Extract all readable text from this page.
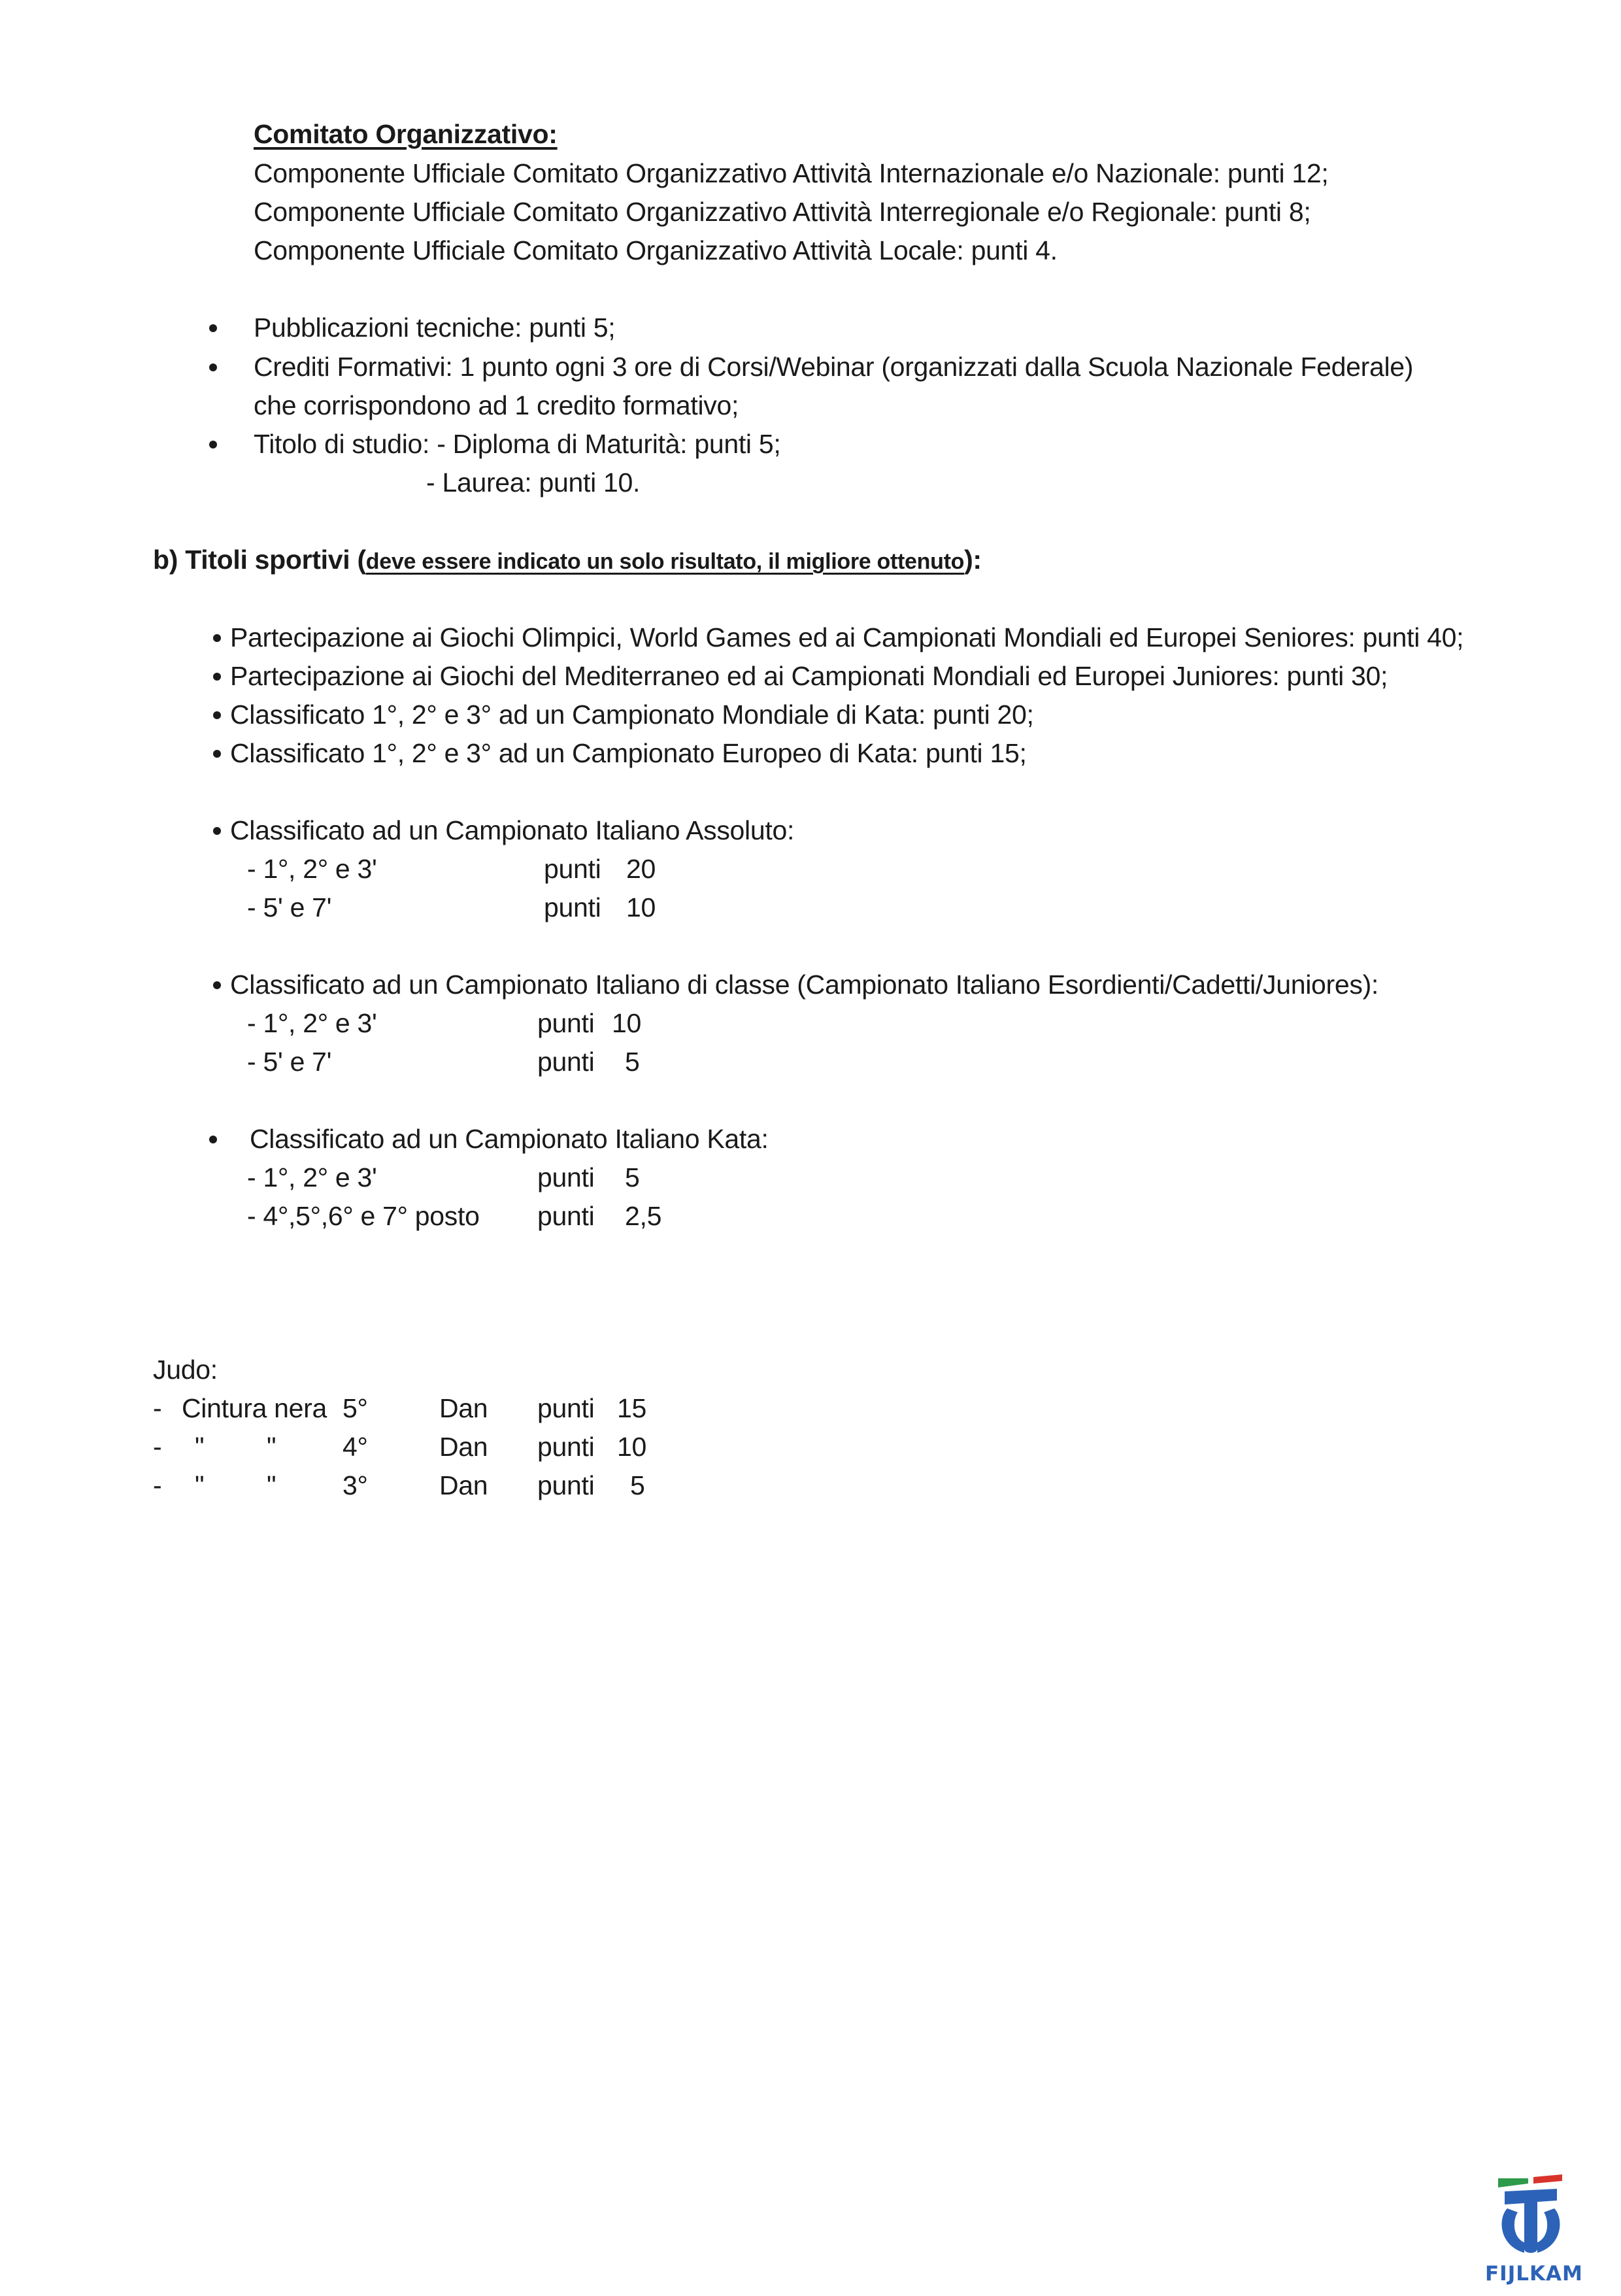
Comitato Organizzativo:
Componente Ufficiale Comitato Organizzativo Attività Internazionale e/o Nazionale: punti 12;
Componente Ufficiale Comitato Organizzativo Attività Interregionale e/o Regionale: punti 8;
Componente Ufficiale Comitato Organizzativo Attività Locale: punti 4.
Pubblicazioni tecniche: punti 5;
Crediti Formativi: 1 punto ogni 3 ore di Corsi/Webinar (organizzati dalla Scuola Nazionale Federale)
che corrispondono ad 1 credito formativo;
Titolo di studio: - Diploma di Maturità: punti 5;
- Laurea: punti 10.
b) Titoli sportivi (deve essere indicato un solo risultato, il migliore ottenuto):
Partecipazione ai Giochi Olimpici, World Games ed ai Campionati Mondiali ed Europei Seniores: punti 40;
Partecipazione ai Giochi del Mediterraneo ed ai Campionati Mondiali ed Europei Juniores: punti 30;
Classificato 1°, 2° e 3° ad un Campionato Mondiale di Kata: punti 20;
Classificato 1°, 2° e 3° ad un Campionato Europeo di Kata: punti 15;
Classificato ad un Campionato Italiano Assoluto:
- 1°, 2° e 3'	punti 20
- 5' e 7'	punti 10
Classificato ad un Campionato Italiano di classe (Campionato Italiano Esordienti/Cadetti/Juniores):
- 1°, 2° e 3'	punti 10
- 5' e 7'	punti 5
Classificato ad un Campionato Italiano Kata:
- 1°, 2° e 3'	punti 5
- 4°,5°,6° e 7° posto punti 2,5
Judo:
- Cintura nera 5°	Dan punti 15
- " " 4°	Dan punti 10
- " " 3°	Dan punti 5
FIJLKAM
